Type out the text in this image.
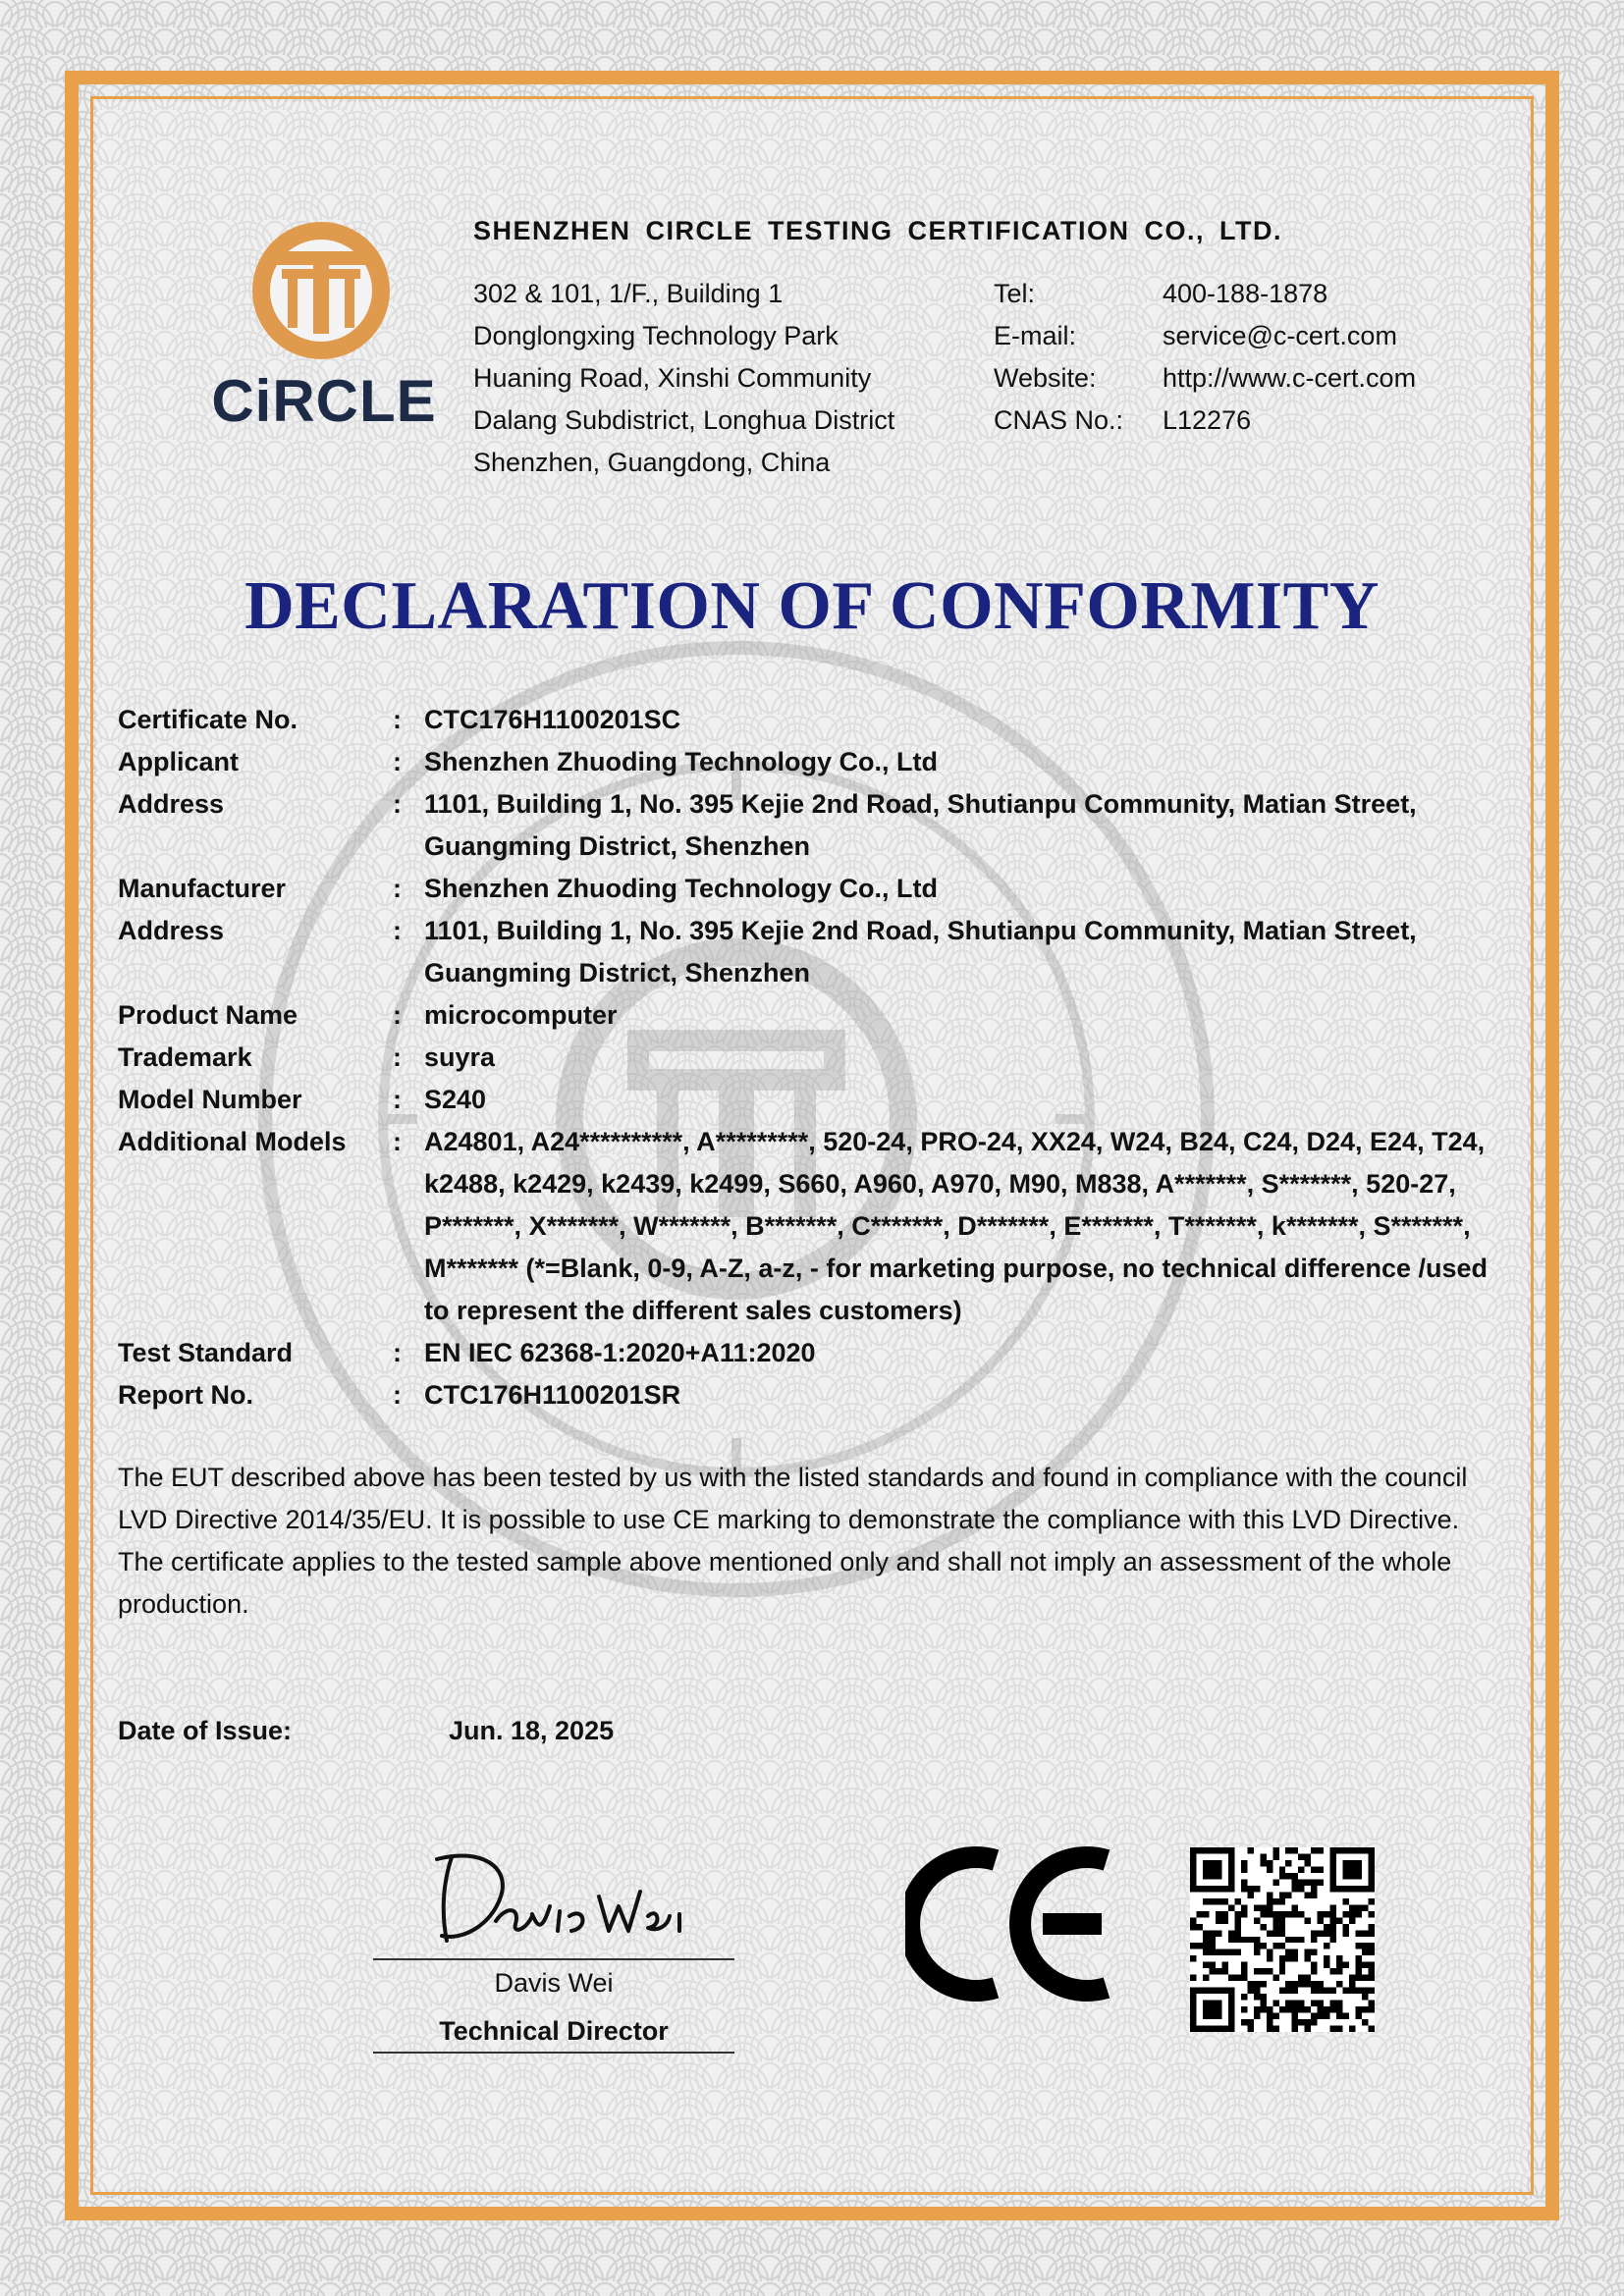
CiRCLE
SHENZHEN CIRCLE TESTING CERTIFICATION CO., LTD.
302 & 101, 1/F., Building 1
Donglongxing Technology Park
Huaning Road, Xinshi Community
Dalang Subdistrict, Longhua District
Shenzhen, Guangdong, China
Tel:	400-188-1878
E-mail:	service@c-cert.com
Website:	http://www.c-cert.com
CNAS No.:	L12276
DECLARATION OF CONFORMITY
Certificate No.	: CTC176H1100201SC
Applicant	: Shenzhen Zhuoding Technology Co., Ltd
Address	: 1101, Building 1, No. 395 Kejie 2nd Road, Shutianpu Community, Matian Street, Guangming District, Shenzhen
Manufacturer	: Shenzhen Zhuoding Technology Co., Ltd
Address	: 1101, Building 1, No. 395 Kejie 2nd Road, Shutianpu Community, Matian Street, Guangming District, Shenzhen
Product Name	: microcomputer
Trademark	: suyra
Model Number	: S240
Additional Models	: A24801, A24**********, A*********, 520-24, PRO-24, XX24, W24, B24, C24, D24, E24, T24, k2488, k2429, k2439, k2499, S660, A960, A970, M90, M838, A*******, S*******, 520-27, P*******, X*******, W*******, B*******, C*******, D*******, E*******, T*******, k*******, S*******, M******* (*=Blank, 0-9, A-Z, a-z, - for marketing purpose, no technical difference /used to represent the different sales customers)
Test Standard	: EN IEC 62368-1:2020+A11:2020
Report No.	: CTC176H1100201SR

The EUT described above has been tested by us with the listed standards and found in compliance with the council LVD Directive 2014/35/EU. It is possible to use CE marking to demonstrate the compliance with this LVD Directive.

The certificate applies to the tested sample above mentioned only and shall not imply an assessment of the whole production.

Date of Issue:	Jun. 18, 2025
Davis Wei
Technical Director
